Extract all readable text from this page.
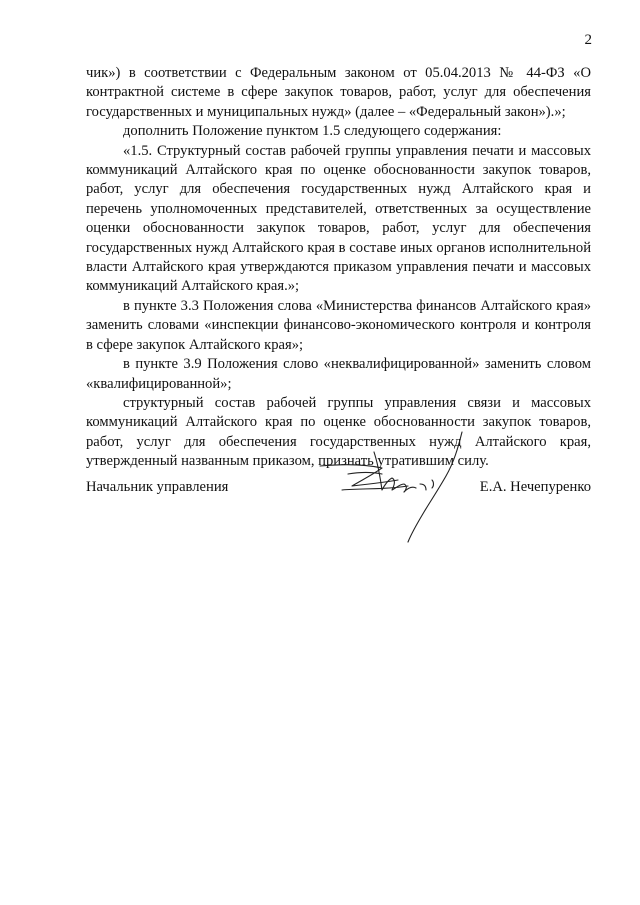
2

чик») в соответствии с Федеральным законом от 05.04.2013 № 44-ФЗ «О контрактной системе в сфере закупок товаров, работ, услуг для обеспечения государственных и муниципальных нужд» (далее – «Федеральный закон»).»;

дополнить Положение пунктом 1.5 следующего содержания:

«1.5. Структурный состав рабочей группы управления печати и массовых коммуникаций Алтайского края по оценке обоснованности закупок товаров, работ, услуг для обеспечения государственных нужд Алтайского края и перечень уполномоченных представителей, ответственных за осуществление оценки обоснованности закупок товаров, работ, услуг для обеспечения государственных нужд Алтайского края в составе иных органов исполнительной власти Алтайского края утверждаются приказом управления печати и массовых коммуникаций Алтайского края.»;

в пункте 3.3 Положения слова «Министерства финансов Алтайского края» заменить словами «инспекции финансово-экономического контроля и контроля в сфере закупок Алтайского края»;

в пункте 3.9 Положения слово «неквалифицированной» заменить словом «квалифицированной»;

структурный состав рабочей группы управления связи и массовых коммуникаций Алтайского края по оценке обоснованности закупок товаров, работ, услуг для обеспечения государственных нужд Алтайского края, утвержденный названным приказом, признать утратившим силу.

Начальник управления	Е.А. Нечепуренко
